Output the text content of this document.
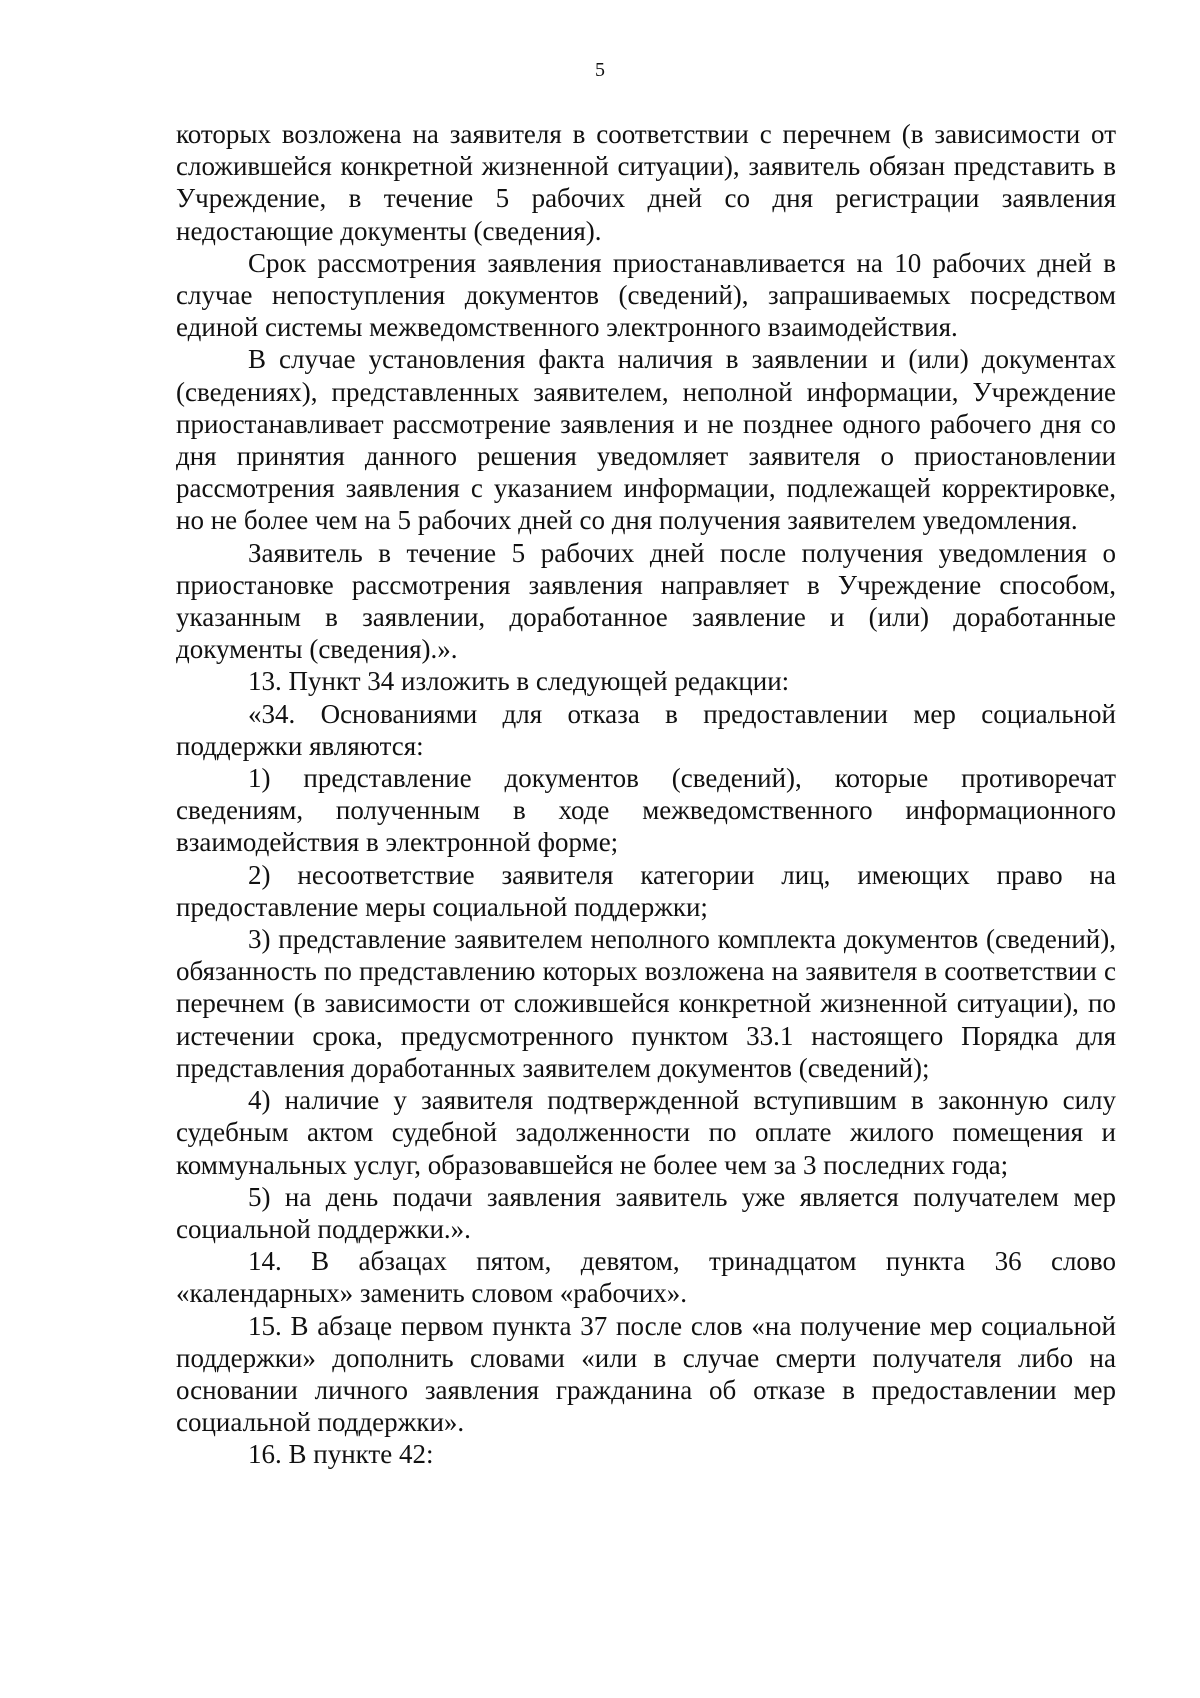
5

которых возложена на заявителя в соответствии с перечнем (в зависимости от сложившейся конкретной жизненной ситуации), заявитель обязан представить в Учреждение, в течение 5 рабочих дней со дня регистрации заявления недостающие документы (сведения).

Срок рассмотрения заявления приостанавливается на 10 рабочих дней в случае непоступления документов (сведений), запрашиваемых посредством единой системы межведомственного электронного взаимодействия.

В случае установления факта наличия в заявлении и (или) документах (сведениях), представленных заявителем, неполной информации, Учреждение приостанавливает рассмотрение заявления и не позднее одного рабочего дня со дня принятия данного решения уведомляет заявителя о приостановлении рассмотрения заявления с указанием информации, подлежащей корректировке, но не более чем на 5 рабочих дней со дня получения заявителем уведомления.

Заявитель в течение 5 рабочих дней после получения уведомления о приостановке рассмотрения заявления направляет в Учреждение способом, указанным в заявлении, доработанное заявление и (или) доработанные документы (сведения).».

13. Пункт 34 изложить в следующей редакции:

«34. Основаниями для отказа в предоставлении мер социальной поддержки являются:

1) представление документов (сведений), которые противоречат сведениям, полученным в ходе межведомственного информационного взаимодействия в электронной форме;

2) несоответствие заявителя категории лиц, имеющих право на предоставление меры социальной поддержки;

3) представление заявителем неполного комплекта документов (сведений), обязанность по представлению которых возложена на заявителя в соответствии с перечнем (в зависимости от сложившейся конкретной жизненной ситуации), по истечении срока, предусмотренного пунктом 33.1 настоящего Порядка для представления доработанных заявителем документов (сведений);

4) наличие у заявителя подтвержденной вступившим в законную силу судебным актом судебной задолженности по оплате жилого помещения и коммунальных услуг, образовавшейся не более чем за 3 последних года;

5) на день подачи заявления заявитель уже является получателем мер социальной поддержки.».

14. В абзацах пятом, девятом, тринадцатом пункта 36 слово «календарных» заменить словом «рабочих».

15. В абзаце первом пункта 37 после слов «на получение мер социальной поддержки» дополнить словами «или в случае смерти получателя либо на основании личного заявления гражданина об отказе в предоставлении мер социальной поддержки».

16. В пункте 42:
